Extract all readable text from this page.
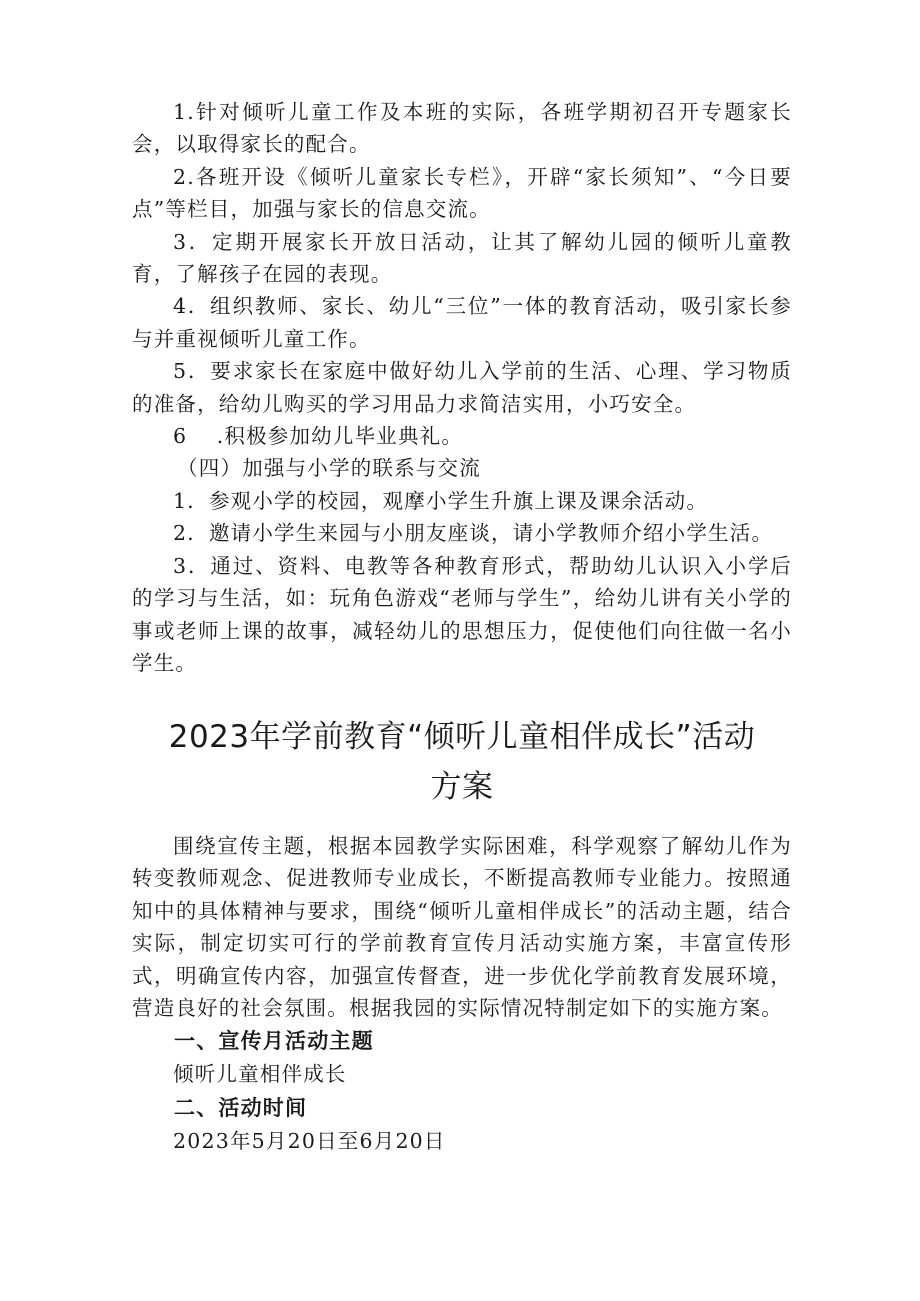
1.针对倾听儿童工作及本班的实际，各班学期初召开专题家长会，以取得家长的配合。

2.各班开设《倾听儿童家长专栏》，开辟“家长须知”、“今日要点”等栏目，加强与家长的信息交流。

3．定期开展家长开放日活动，让其了解幼儿园的倾听儿童教育，了解孩子在园的表现。

4．组织教师、家长、幼儿“三位”一体的教育活动，吸引家长参与并重视倾听儿童工作。

5．要求家长在家庭中做好幼儿入学前的生活、心理、学习物质的准备，给幼儿购买的学习用品力求简洁实用，小巧安全。

6　 .积极参加幼儿毕业典礼。

（四）加强与小学的联系与交流

1．参观小学的校园，观摩小学生升旗上课及课余活动。

2．邀请小学生来园与小朋友座谈，请小学教师介绍小学生活。

3．通过、资料、电教等各种教育形式，帮助幼儿认识入小学后的学习与生活，如：玩角色游戏“老师与学生”，给幼儿讲有关小学的事或老师上课的故事，减轻幼儿的思想压力，促使他们向往做一名小学生。

2023年学前教育“倾听儿童相伴成长”活动
方案

围绕宣传主题，根据本园教学实际困难，科学观察了解幼儿作为转变教师观念、促进教师专业成长，不断提高教师专业能力。按照通知中的具体精神与要求，围绕“倾听儿童相伴成长”的活动主题，结合实际，制定切实可行的学前教育宣传月活动实施方案，丰富宣传形式，明确宣传内容，加强宣传督查，进一步优化学前教育发展环境，营造良好的社会氛围。根据我园的实际情况特制定如下的实施方案。

一、宣传月活动主题

倾听儿童相伴成长

二、活动时间

2023年5月20日至6月20日
